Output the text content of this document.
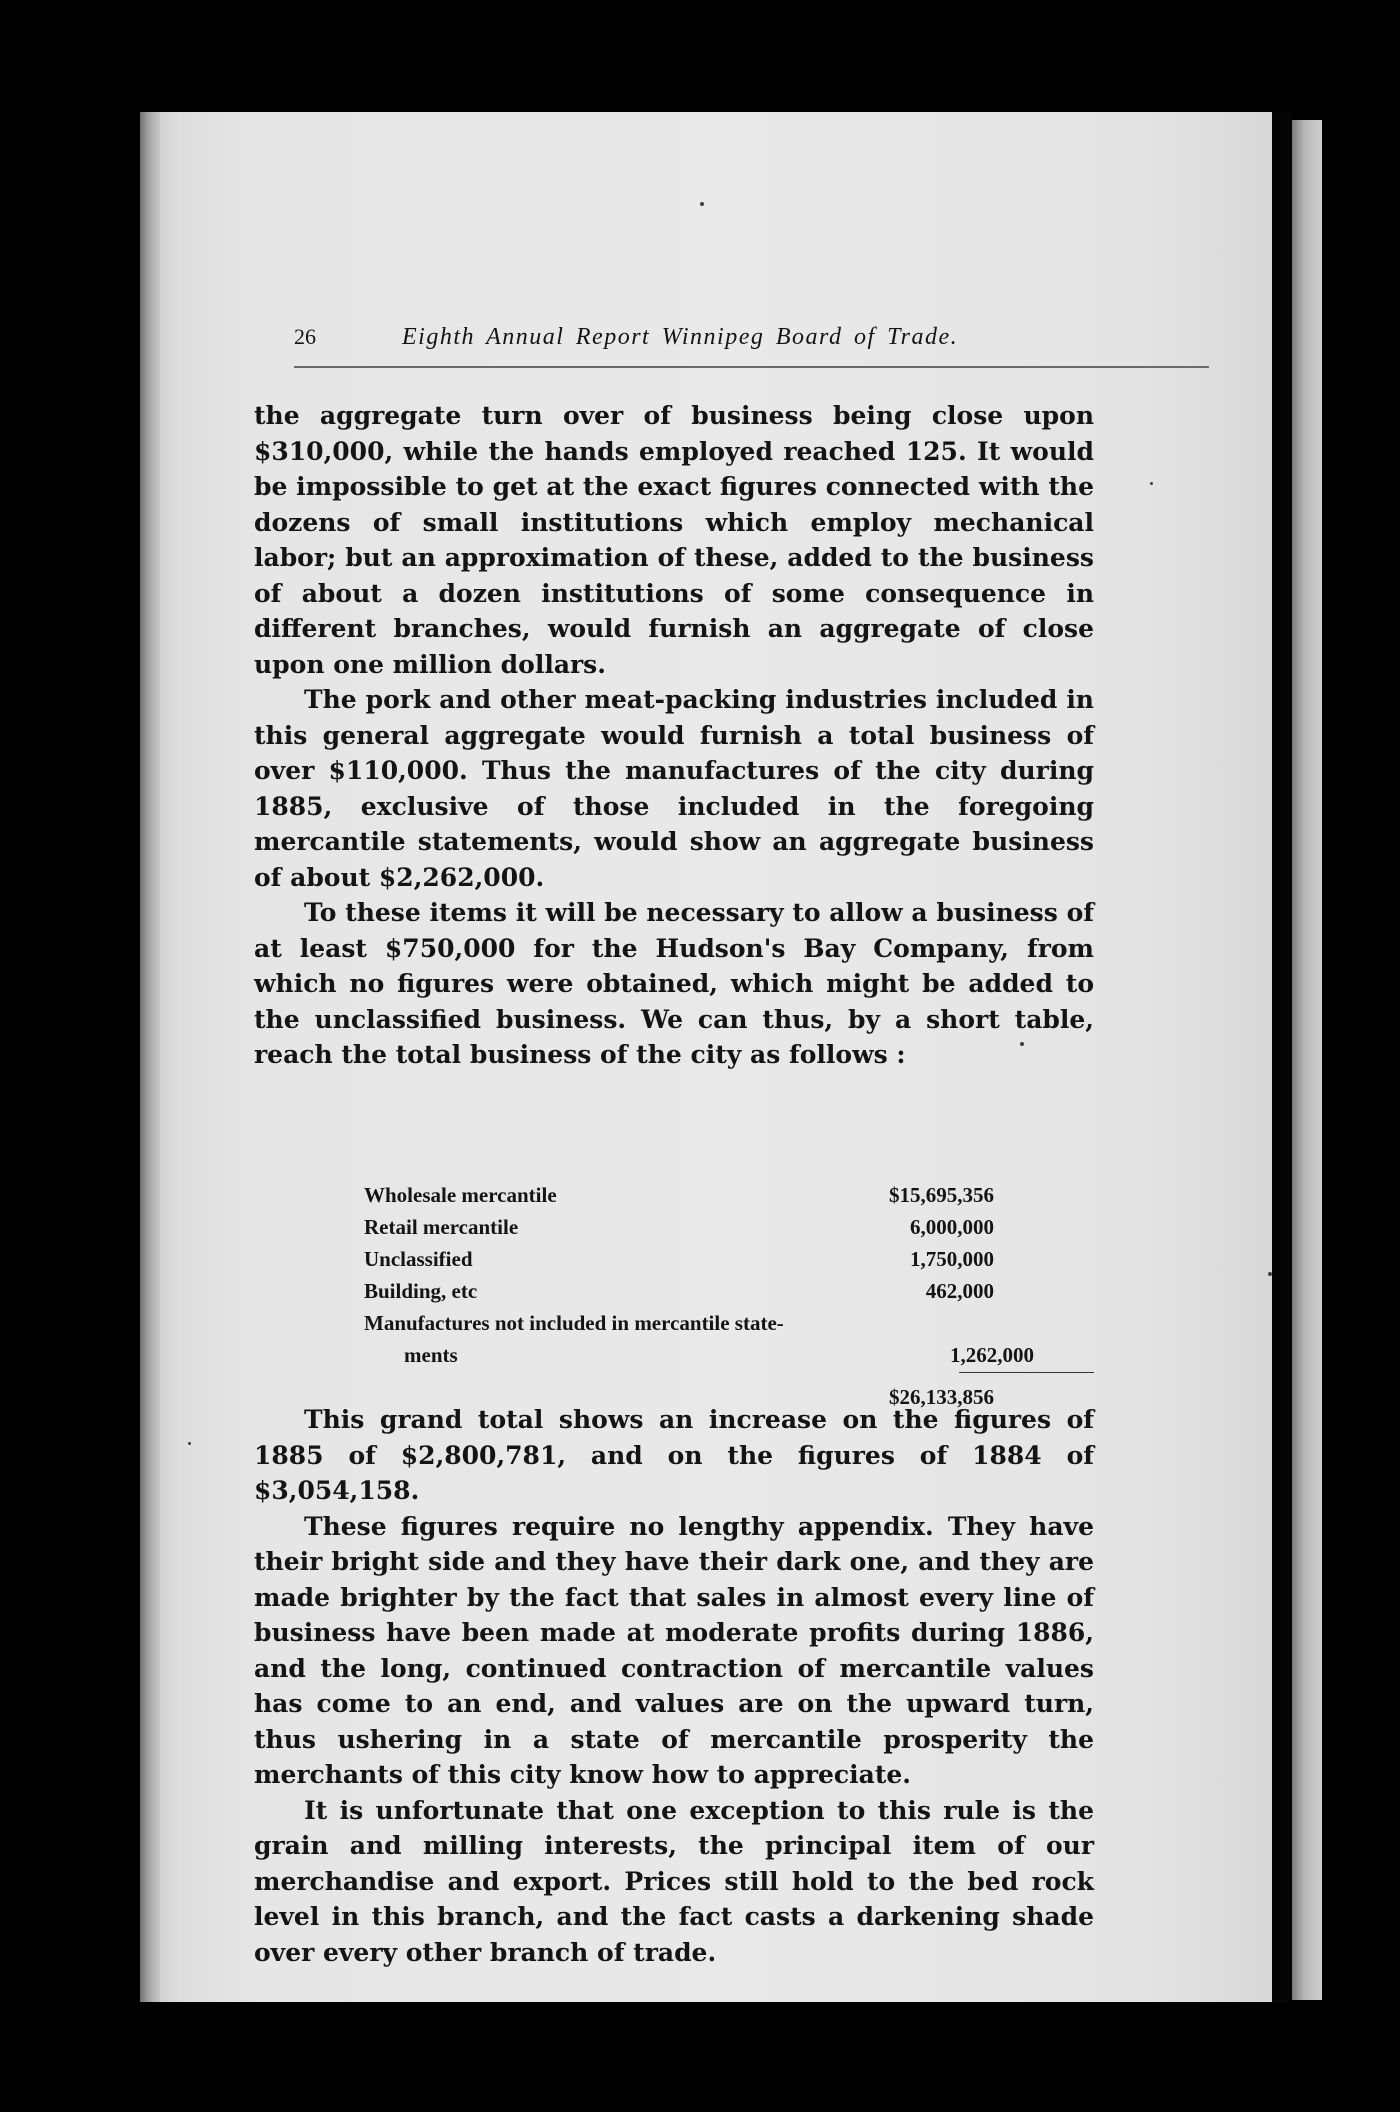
26	Eighth Annual Report Winnipeg Board of Trade.

the aggregate turn over of business being close upon $310,000, while the hands employed reached 125. It would be impossible to get at the exact figures connected with the dozens of small institutions which employ mechanical labor; but an approximation of these, added to the business of about a dozen institutions of some consequence in different branches, would furnish an aggregate of close upon one million dollars.

The pork and other meat-packing industries included in this general aggregate would furnish a total business of over $110,000. Thus the manufactures of the city during 1885, exclusive of those included in the foregoing mercantile statements, would show an aggregate business of about $2,262,000.

To these items it will be necessary to allow a business of at least $750,000 for the Hudson's Bay Company, from which no figures were obtained, which might be added to the unclassified business. We can thus, by a short table, reach the total business of the city as follows :

Wholesale mercantile	$15,695,356
Retail mercantile	6,000,000
Unclassified	1,750,000
Building, etc	462,000
Manufactures not included in mercantile state-
ments	1,262,000
$26,133,856

This grand total shows an increase on the figures of 1885 of $2,800,781, and on the figures of 1884 of $3,054,158.

These figures require no lengthy appendix. They have their bright side and they have their dark one, and they are made brighter by the fact that sales in almost every line of business have been made at moderate profits during 1886, and the long, continued contraction of mercantile values has come to an end, and values are on the upward turn, thus ushering in a state of mercantile prosperity the merchants of this city know how to appreciate.

It is unfortunate that one exception to this rule is the grain and milling interests, the principal item of our merchandise and export. Prices still hold to the bed rock level in this branch, and the fact casts a darkening shade over every other branch of trade.
